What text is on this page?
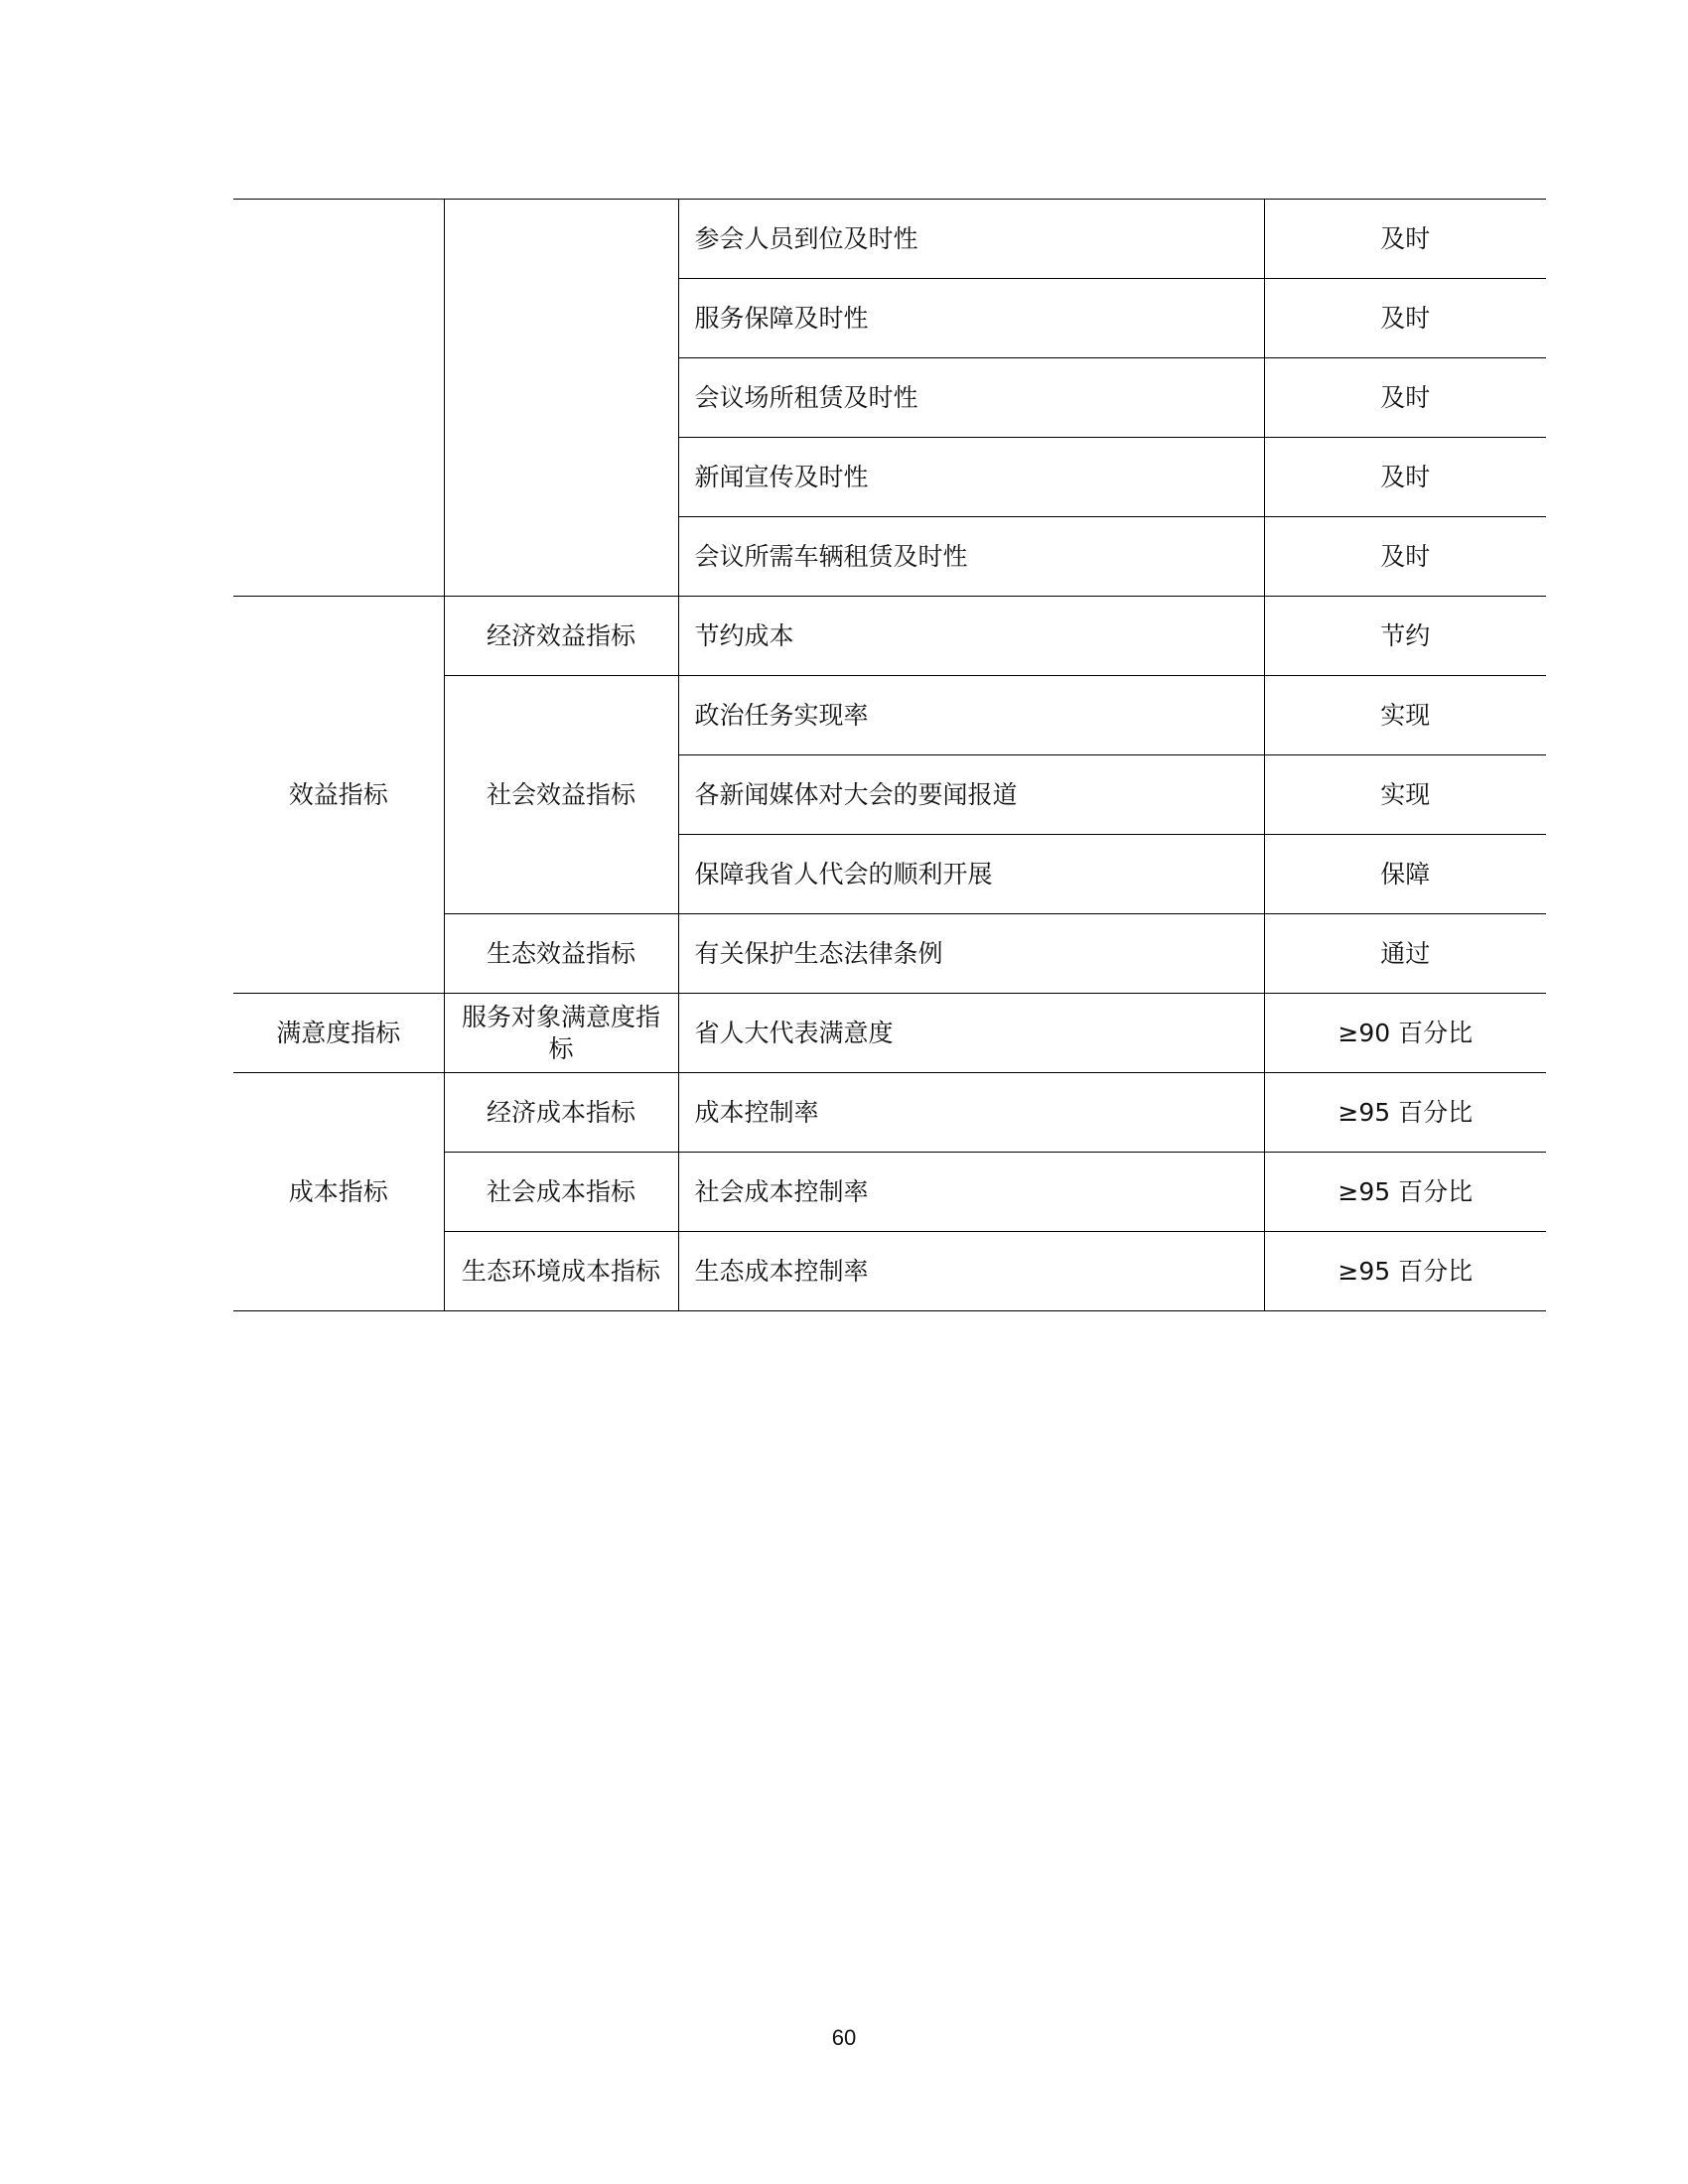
		参会人员到位及时性	及时
		服务保障及时性	及时
		会议场所租赁及时性	及时
		新闻宣传及时性	及时
		会议所需车辆租赁及时性	及时
效益指标	经济效益指标	节约成本	节约
	社会效益指标	政治任务实现率	实现
		各新闻媒体对大会的要闻报道	实现
		保障我省人代会的顺利开展	保障
	生态效益指标	有关保护生态法律条例	通过
满意度指标	服务对象满意度指标	省人大代表满意度	≥90 百分比
成本指标	经济成本指标	成本控制率	≥95 百分比
	社会成本指标	社会成本控制率	≥95 百分比
	生态环境成本指标	生态成本控制率	≥95 百分比
60
